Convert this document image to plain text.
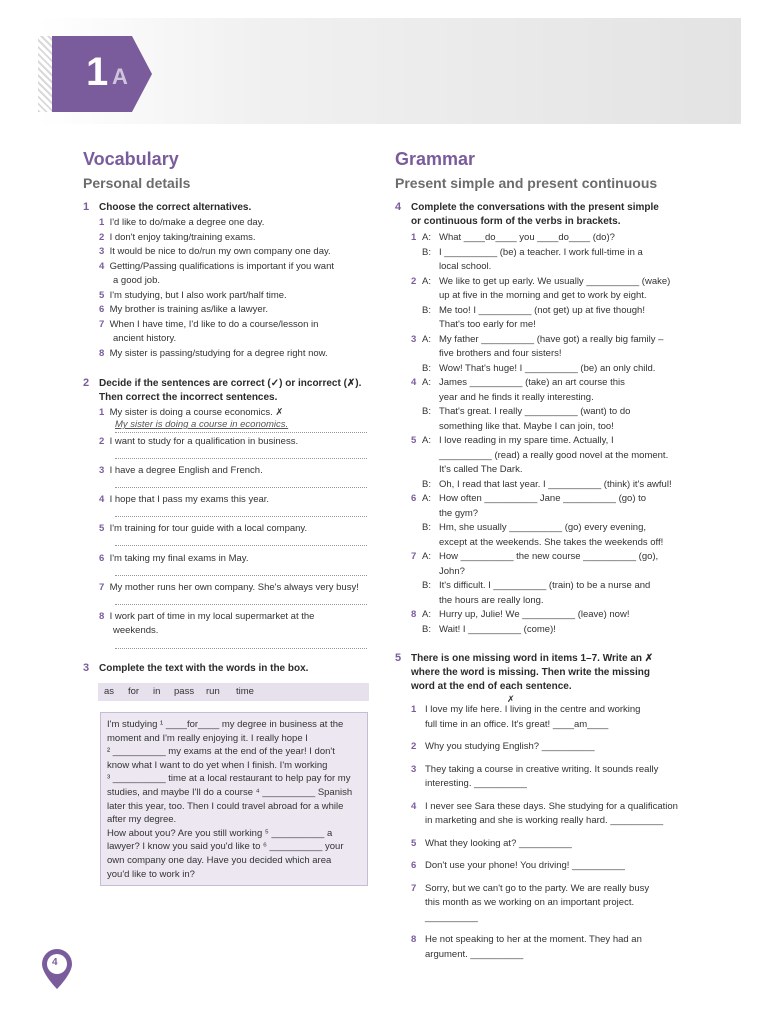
1 A
Vocabulary
Personal details
1 Choose the correct alternatives.
1 I'd like to do/make a degree one day.
2 I don't enjoy taking/training exams.
3 It would be nice to do/run my own company one day.
4 Getting/Passing qualifications is important if you want
a good job.
5 I'm studying, but I also work part/half time.
6 My brother is training as/like a lawyer.
7 When I have time, I'd like to do a course/lesson in
ancient history.
8 My sister is passing/studying for a degree right now.
2 Decide if the sentences are correct (✓) or incorrect (✗).
Then correct the incorrect sentences.
1 My sister is doing a course economics. ✗
My sister is doing a course in economics.
2 I want to study for a qualification in business.
3 I have a degree English and French.
4 I hope that I pass my exams this year.
5 I'm training for tour guide with a local company.
6 I'm taking my final exams in May.
7 My mother runs her own company. She's always very busy!
8 I work part of time in my local supermarket at the
weekends.
3 Complete the text with the words in the box.
as for in pass run time
I'm studying ¹ ____for____ my degree in business at the
moment and I'm really enjoying it. I really hope I
² __________ my exams at the end of the year! I don't
know what I want to do yet when I finish. I'm working
³ __________ time at a local restaurant to help pay for my
studies, and maybe I'll do a course ⁴ __________ Spanish
later this year, too. Then I could travel abroad for a while
after my degree.
How about you? Are you still working ⁵ __________ a
lawyer? I know you said you'd like to ⁶ __________ your
own company one day. Have you decided which area
you'd like to work in?
Grammar
Present simple and present continuous
4 Complete the conversations with the present simple
or continuous form of the verbs in brackets.
1 A: What ____do____ you ____do____ (do)?
B: I __________ (be) a teacher. I work full-time in a
local school.
2 A: We like to get up early. We usually __________ (wake)
up at five in the morning and get to work by eight.
B: Me too! I __________ (not get) up at five though!
That's too early for me!
3 A: My father __________ (have got) a really big family –
five brothers and four sisters!
B: Wow! That's huge! I __________ (be) an only child.
4 A: James __________ (take) an art course this
year and he finds it really interesting.
B: That's great. I really __________ (want) to do
something like that. Maybe I can join, too!
5 A: I love reading in my spare time. Actually, I
__________ (read) a really good novel at the moment.
It's called The Dark.
B: Oh, I read that last year. I __________ (think) it's awful!
6 A: How often __________ Jane __________ (go) to
the gym?
B: Hm, she usually __________ (go) every evening,
except at the weekends. She takes the weekends off!
7 A: How __________ the new course __________ (go),
John?
B: It's difficult. I __________ (train) to be a nurse and
the hours are really long.
8 A: Hurry up, Julie! We __________ (leave) now!
B: Wait! I __________ (come)!
5 There is one missing word in items 1–7. Write an ✗
where the word is missing. Then write the missing
word at the end of each sentence.
✗
1 I love my life here. I living in the centre and working
full time in an office. It's great! ____am____
2 Why you studying English? __________
3 They taking a course in creative writing. It sounds really
interesting. __________
4 I never see Sara these days. She studying for a qualification
in marketing and she is working really hard. __________
5 What they looking at? __________
6 Don't use your phone! You driving! __________
7 Sorry, but we can't go to the party. We are really busy
this month as we working on an important project.
__________
8 He not speaking to her at the moment. They had an
argument. __________
4
